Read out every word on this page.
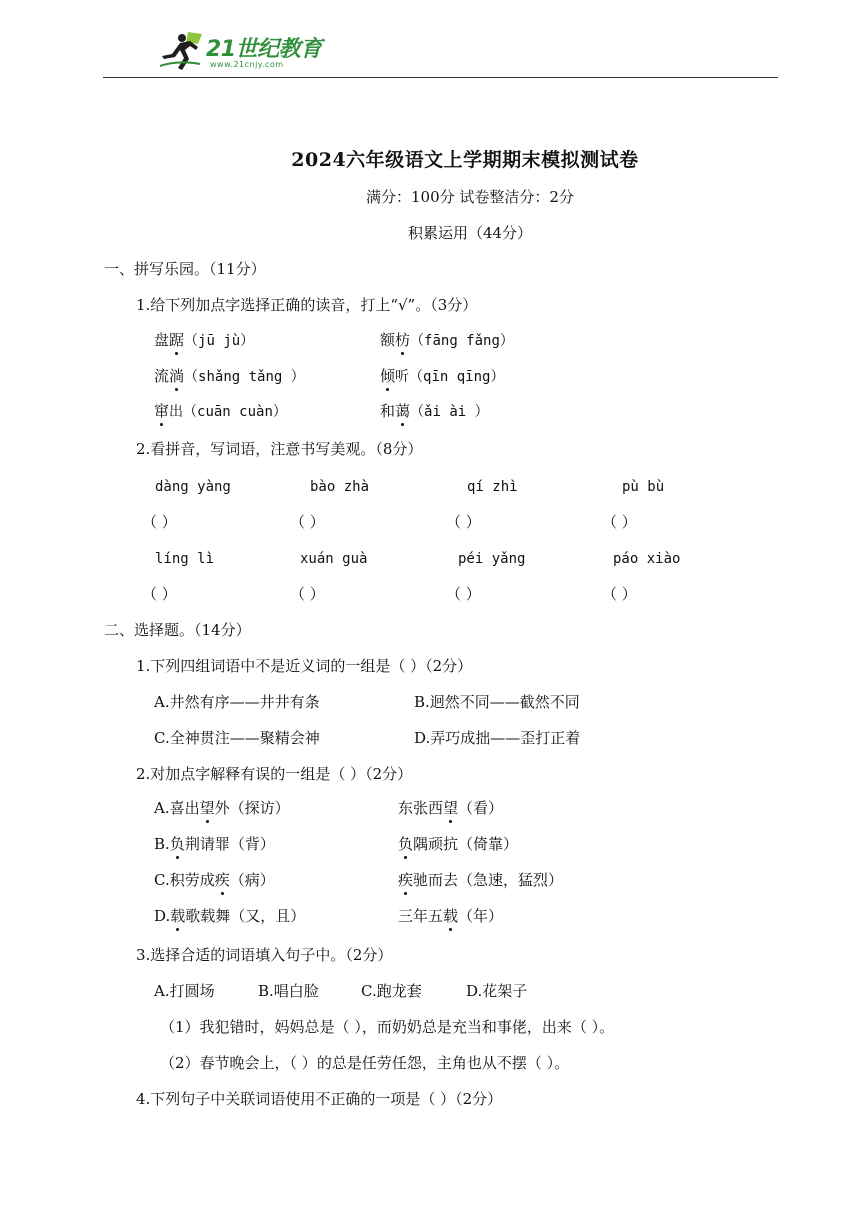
21世纪教育
www.21cnjy.com
2024六年级语文上学期期末模拟测试卷
满分：100分 试卷整洁分：2分
积累运用（44分）
一、拼写乐园。（11分）
1.给下列加点字选择正确的读音，打上“√”。（3分）
盘踞（jū jù）	额枋（fāng fǎng）
流淌（shǎng tǎng ）	倾听（qīn qīng）
窜出（cuān cuàn）	和蔼（ǎi ài ）
2.看拼音，写词语，注意书写美观。（8分）
dàng yàng	bào zhà	qí zhì	pù bù
（ ）	（ ）	（ ）	（ ）
líng lì	xuán guà	péi yǎng	páo xiào
（ ）	（ ）	（ ）	（ ）
二、选择题。（14分）
1.下列四组词语中不是近义词的一组是（ ）（2分）
A.井然有序——井井有条	B.迥然不同——截然不同
C.全神贯注——聚精会神	D.弄巧成拙——歪打正着
2.对加点字解释有误的一组是（ ）（2分）
A.喜出望外（探访）	东张西望（看）
B.负荆请罪（背）	负隅顽抗（倚靠）
C.积劳成疾（病）	疾驰而去（急速，猛烈）
D.载歌载舞（又，且）	三年五载（年）
3.选择合适的词语填入句子中。（2分）
A.打圆场	B.唱白脸	C.跑龙套	D.花架子
（1）我犯错时，妈妈总是（ ），而奶奶总是充当和事佬，出来（ ）。
（2）春节晚会上，（ ）的总是任劳任怨，主角也从不摆（ ）。
4.下列句子中关联词语使用不正确的一项是（ ）（2分）
